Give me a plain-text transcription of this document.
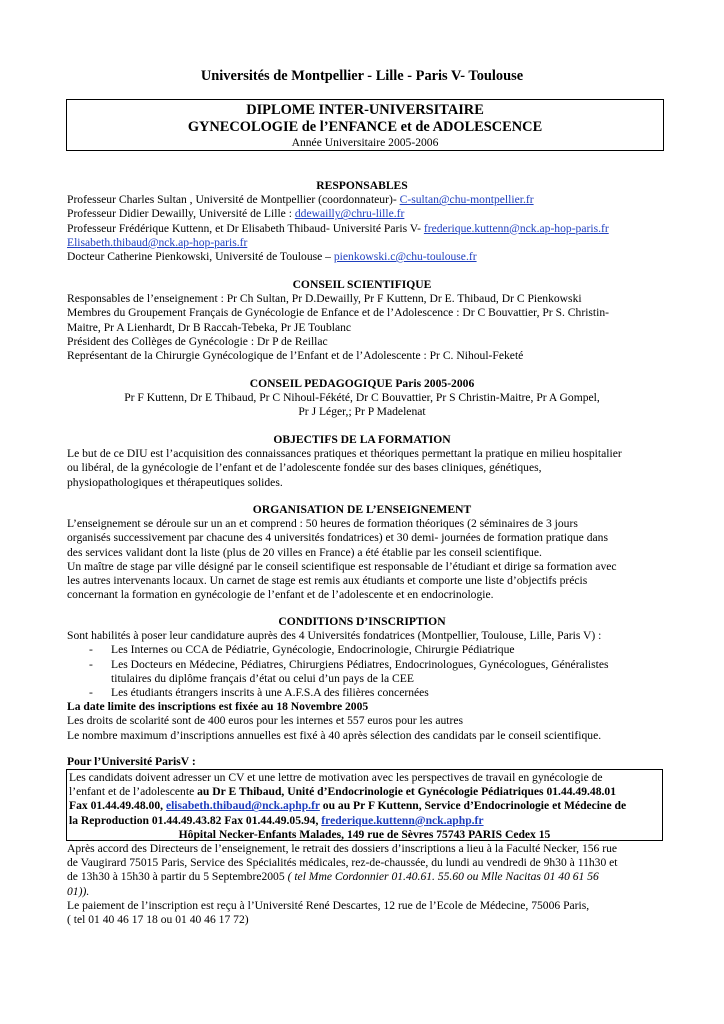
Universités de Montpellier - Lille - Paris V- Toulouse
DIPLOME INTER-UNIVERSITAIRE
GYNECOLOGIE de l’ENFANCE et de ADOLESCENCE
Année Universitaire 2005-2006
RESPONSABLES
Professeur Charles Sultan , Université de Montpellier (coordonnateur)- C-sultan@chu-montpellier.fr
Professeur Didier Dewailly, Université de Lille : ddewailly@chru-lille.fr
Professeur Frédérique Kuttenn, et Dr Elisabeth Thibaud- Université Paris V- frederique.kuttenn@nck.ap-hop-paris.fr
Elisabeth.thibaud@nck.ap-hop-paris.fr
Docteur Catherine Pienkowski, Université de Toulouse – pienkowski.c@chu-toulouse.fr
CONSEIL SCIENTIFIQUE
Responsables de l’enseignement : Pr Ch Sultan, Pr D.Dewailly, Pr F Kuttenn, Dr E. Thibaud, Dr C Pienkowski
Membres du Groupement Français de Gynécologie de Enfance et de l’Adolescence : Dr C Bouvattier, Pr S. Christin-
Maitre, Pr A Lienhardt, Dr B Raccah-Tebeka, Pr JE Toublanc
Président des Collèges de Gynécologie : Dr P de Reillac
Représentant de la Chirurgie Gynécologique de l’Enfant et de l’Adolescente : Pr C. Nihoul-Feketé
CONSEIL PEDAGOGIQUE Paris 2005-2006
Pr F Kuttenn, Dr E Thibaud, Pr C Nihoul-Fékété, Dr C Bouvattier, Pr S Christin-Maitre, Pr A Gompel,
Pr J Léger,; Pr P Madelenat
OBJECTIFS DE LA FORMATION
Le but de ce DIU est l’acquisition des connaissances pratiques et théoriques permettant la pratique en milieu hospitalier
ou libéral, de la gynécologie de l’enfant et de l’adolescente fondée sur des bases cliniques, génétiques,
physiopathologiques et thérapeutiques solides.
ORGANISATION DE L’ENSEIGNEMENT
L’enseignement se déroule sur un an et comprend : 50 heures de formation théoriques (2 séminaires de 3 jours
organisés successivement par chacune des 4 universités fondatrices) et 30 demi- journées de formation pratique dans
des services validant dont la liste (plus de 20 villes en France) a été établie par les conseil scientifique.
Un maître de stage par ville désigné par le conseil scientifique est responsable de l’étudiant et dirige sa formation avec
les autres intervenants locaux. Un carnet de stage est remis aux étudiants et comporte une liste d’objectifs précis
concernant la formation en gynécologie de l’enfant et de l’adolescente et en endocrinologie.
CONDITIONS D’INSCRIPTION
Sont habilités à poser leur candidature auprès des 4 Universités fondatrices (Montpellier, Toulouse, Lille, Paris V) :
- Les Internes ou CCA de Pédiatrie, Gynécologie, Endocrinologie, Chirurgie Pédiatrique
- Les Docteurs en Médecine, Pédiatres, Chirurgiens Pédiatres, Endocrinologues, Gynécologues, Généralistes
titulaires du diplôme français d’état ou celui d’un pays de la CEE
- Les étudiants étrangers inscrits à une A.F.S.A des filières concernées
La date limite des inscriptions est fixée au 18 Novembre 2005
Les droits de scolarité sont de 400 euros pour les internes et 557 euros pour les autres
Le nombre maximum d’inscriptions annuelles est fixé à 40 après sélection des candidats par le conseil scientifique.
Pour l’Université ParisV :
Les candidats doivent adresser un CV et une lettre de motivation avec les perspectives de travail en gynécologie de
l’enfant et de l’adolescente au Dr E Thibaud, Unité d’Endocrinologie et Gynécologie Pédiatriques 01.44.49.48.01
Fax 01.44.49.48.00, elisabeth.thibaud@nck.aphp.fr ou au Pr F Kuttenn, Service d’Endocrinologie et Médecine de
la Reproduction 01.44.49.43.82 Fax 01.44.49.05.94, frederique.kuttenn@nck.aphp.fr
Hôpital Necker-Enfants Malades, 149 rue de Sèvres 75743 PARIS Cedex 15
Après accord des Directeurs de l’enseignement, le retrait des dossiers d’inscriptions a lieu à la Faculté Necker, 156 rue
de Vaugirard 75015 Paris, Service des Spécialités médicales, rez-de-chaussée, du lundi au vendredi de 9h30 à 11h30 et
de 13h30 à 15h30 à partir du 5 Septembre2005 ( tel Mme Cordonnier 01.40.61. 55.60 ou Mlle Nacitas 01 40 61 56
01)).
Le paiement de l’inscription est reçu à l’Université René Descartes, 12 rue de l’Ecole de Médecine, 75006 Paris,
( tel 01 40 46 17 18 ou 01 40 46 17 72)
